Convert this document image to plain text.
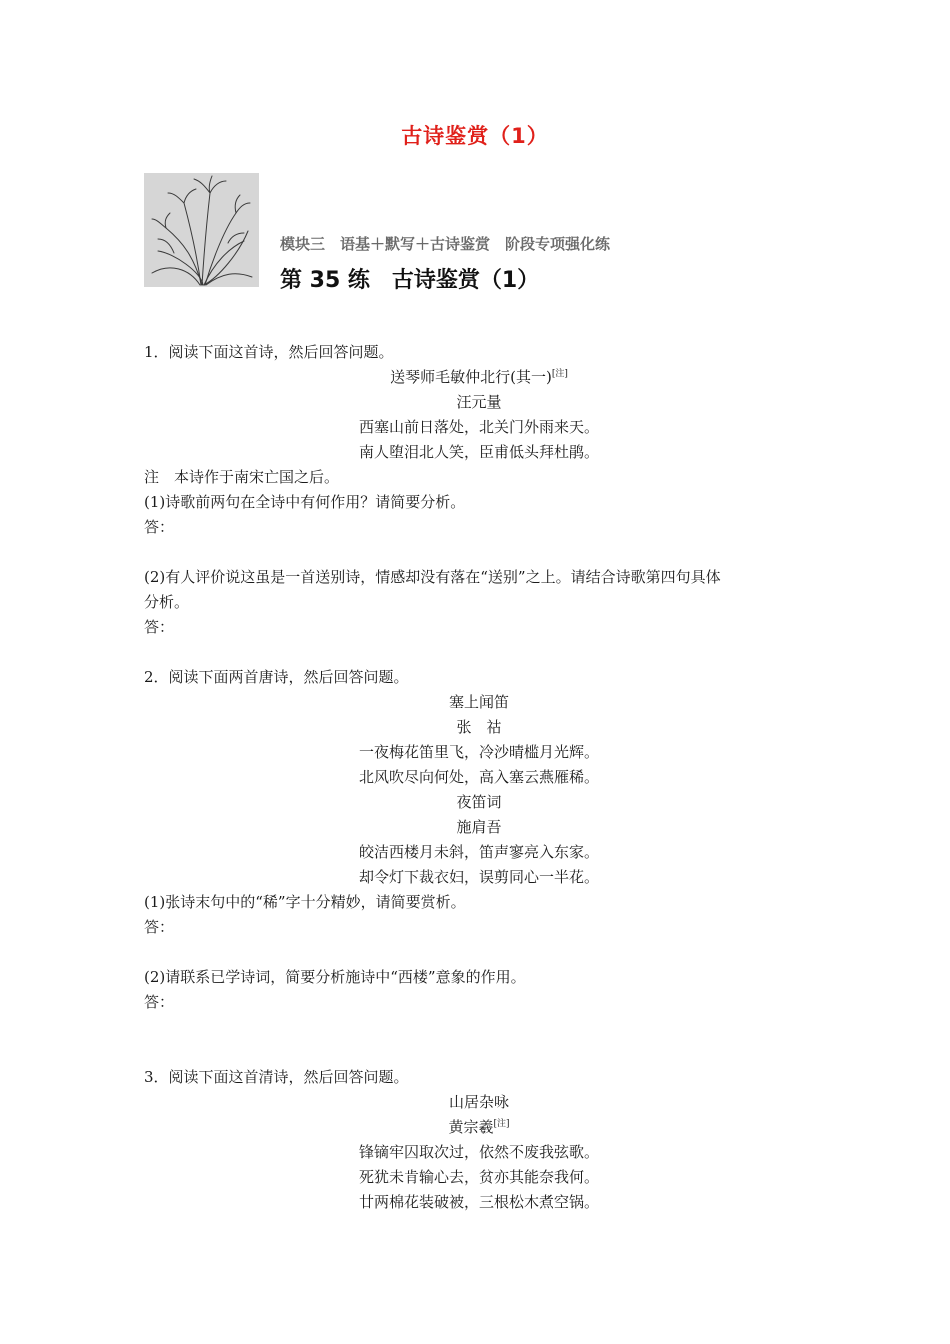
古诗鉴赏（1）
模块三　语基＋默写＋古诗鉴赏　阶段专项强化练
第 35 练　古诗鉴赏（1）
1．阅读下面这首诗，然后回答问题。
送琴师毛敏仲北行(其一)[注]
汪元量
西塞山前日落处，北关门外雨来天。
南人堕泪北人笑，臣甫低头拜杜鹃。
注　本诗作于南宋亡国之后。
(1)诗歌前两句在全诗中有何作用？请简要分析。
答：
(2)有人评价说这虽是一首送别诗，情感却没有落在“送别”之上。请结合诗歌第四句具体
分析。
答：
2．阅读下面两首唐诗，然后回答问题。
塞上闻笛
张　祜
一夜梅花笛里飞，冷沙晴槛月光辉。
北风吹尽向何处，高入塞云燕雁稀。
夜笛词
施肩吾
皎洁西楼月未斜，笛声寥亮入东家。
却令灯下裁衣妇，误剪同心一半花。
(1)张诗末句中的“稀”字十分精妙，请简要赏析。
答：
(2)请联系已学诗词，简要分析施诗中“西楼”意象的作用。
答：
3．阅读下面这首清诗，然后回答问题。
山居杂咏
黄宗羲[注]
锋镝牢囚取次过，依然不废我弦歌。
死犹未肯输心去，贫亦其能奈我何。
廿两棉花装破被，三根松木煮空锅。
